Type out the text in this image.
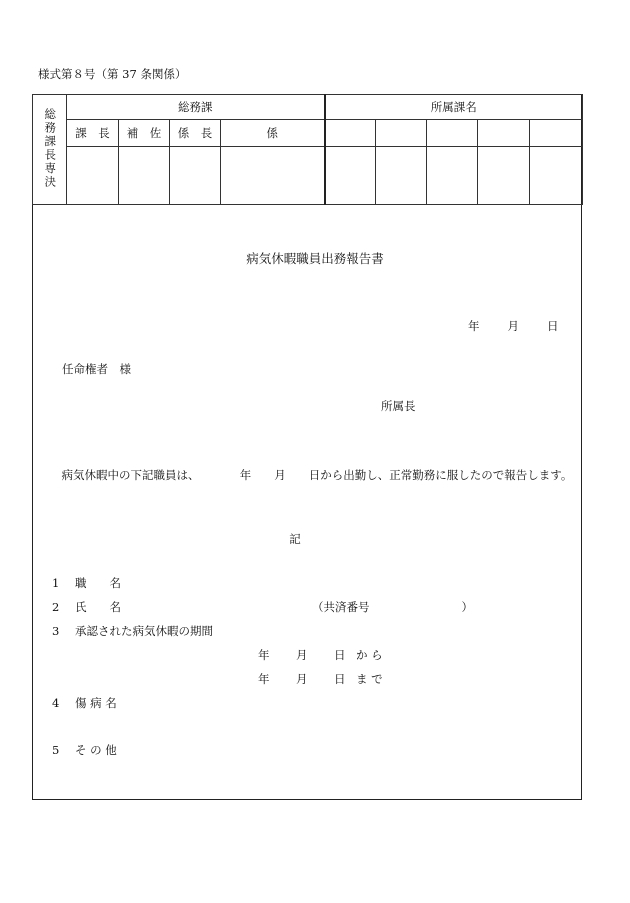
様式第８号（第 37 条関係）
総務課長専決	総務課				所属課名				
	課　長	補　佐	係　長	係					

病気休暇職員出務報告書
年 月 日
任命権者　様
所属長
　病気休暇中の下記職員は、　　　　年　　月　　日から出勤し、正常勤務に服したので報告します。
記
1 職　　名
2 氏　　名	（共済番号　　　　　　　　）
3 承認された病気休暇の期間
年 月 日 か ら
年 月 日 ま で
4 傷 病 名
5 そ の 他
